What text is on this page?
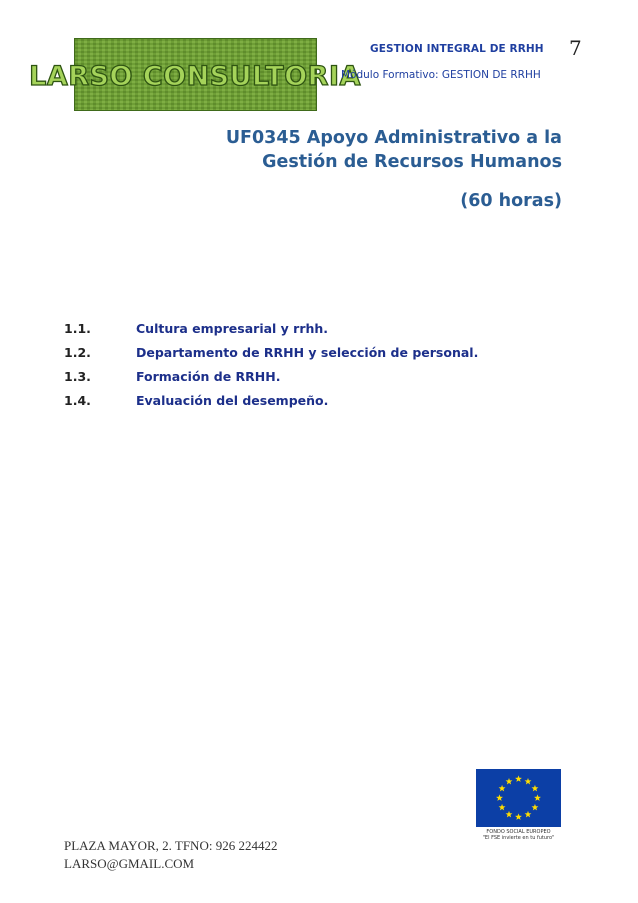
LARSO CONSULTORIA
GESTION INTEGRAL DE RRHH 7
Módulo Formativo: GESTION DE RRHH
UF0345 Apoyo Administrativo a la
Gestión de Recursos Humanos
(60 horas)
1.1.	Cultura empresarial y rrhh.
1.2.	Departamento de RRHH y selección de personal.
1.3.	Formación de RRHH.
1.4.	Evaluación del desempeño.
FONDO SOCIAL EUROPEO
"El FSE invierte en tu futuro"
PLAZA MAYOR, 2. TFNO: 926 224422
LARSO@GMAIL.COM
